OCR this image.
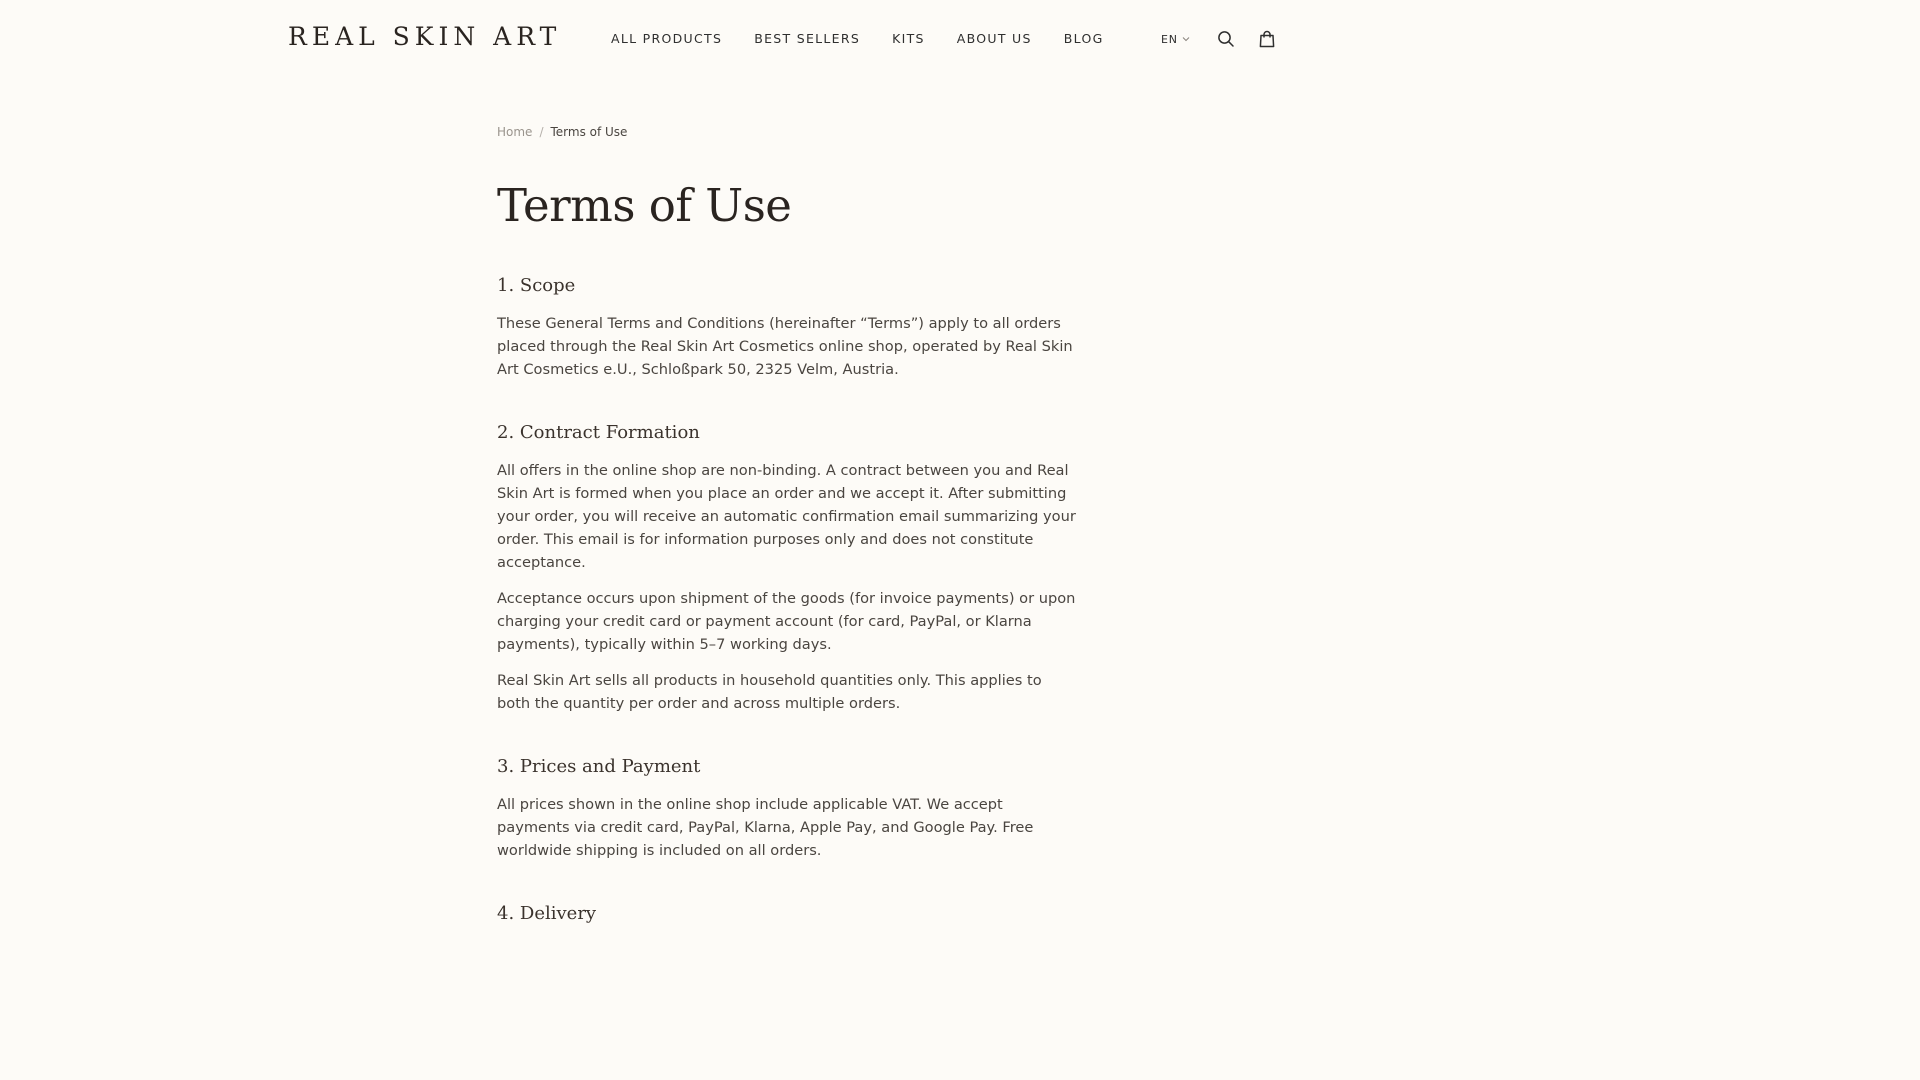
REAL SKIN ART	ALL PRODUCTS	BEST SELLERS	KITS	ABOUT US	BLOG	EN
Home / Terms of Use
Terms of Use
1. Scope

These General Terms and Conditions (hereinafter “Terms”) apply to all orders placed through the Real Skin Art Cosmetics online shop, operated by Real Skin Art Cosmetics e.U., Schloßpark 50, 2325 Velm, Austria.

2. Contract Formation

All offers in the online shop are non-binding. A contract between you and Real Skin Art is formed when you place an order and we accept it. After submitting your order, you will receive an automatic confirmation email summarizing your order. This email is for information purposes only and does not constitute acceptance.

Acceptance occurs upon shipment of the goods (for invoice payments) or upon charging your credit card or payment account (for card, PayPal, or Klarna payments), typically within 5–7 working days.

Real Skin Art sells all products in household quantities only. This applies to both the quantity per order and across multiple orders.

3. Prices and Payment

All prices shown in the online shop include applicable VAT. We accept payments via credit card, PayPal, Klarna, Apple Pay, and Google Pay. Free worldwide shipping is included on all orders.

4. Delivery
